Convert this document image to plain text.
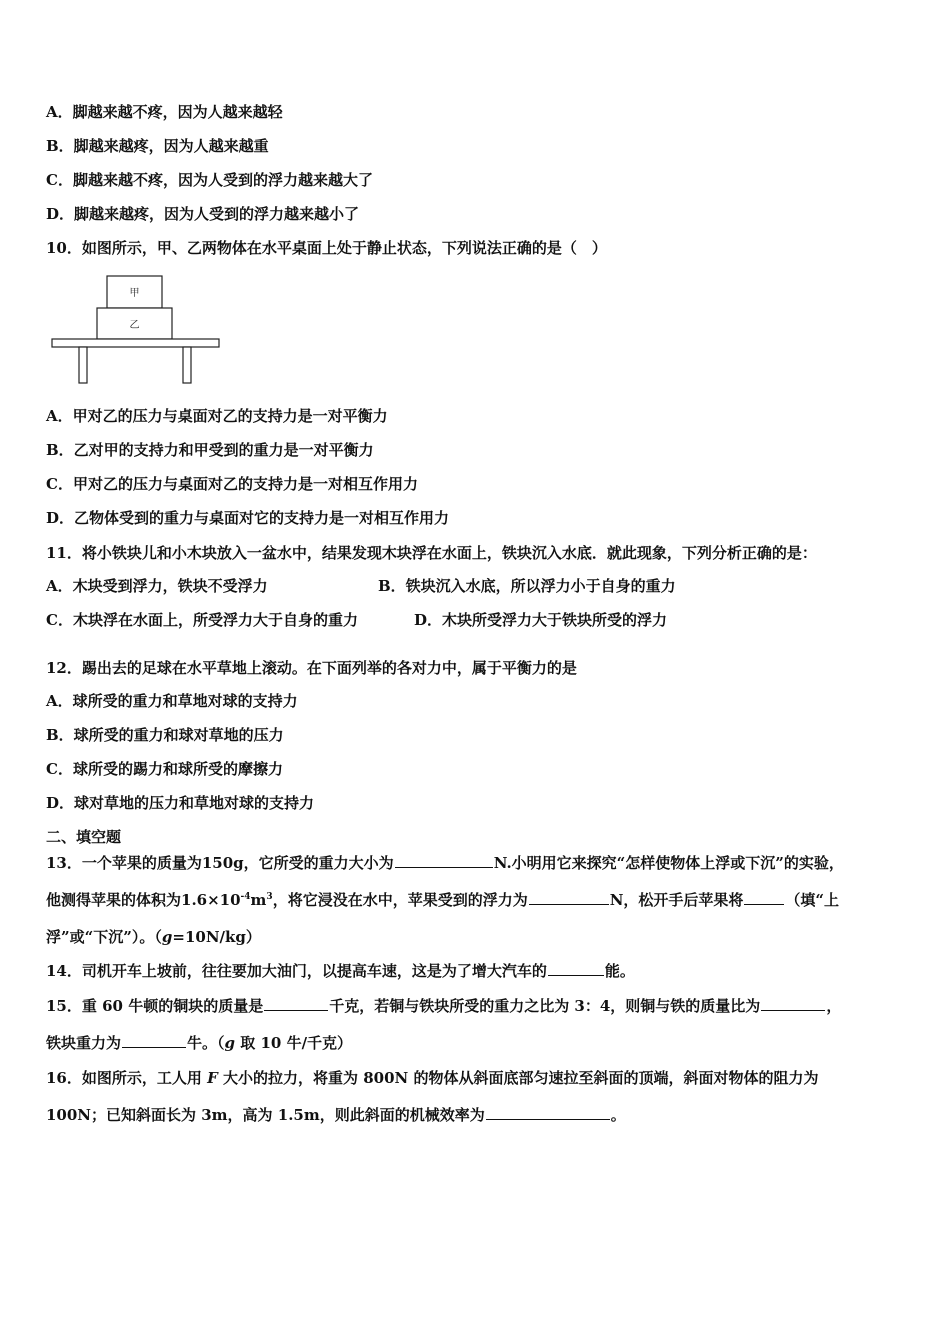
A．脚越来越不疼，因为人越来越轻
B．脚越来越疼，因为人越来越重
C．脚越来越不疼，因为人受到的浮力越来越大了
D．脚越来越疼，因为人受到的浮力越来越小了
10．如图所示，甲、乙两物体在水平桌面上处于静止状态，下列说法正确的是（　）
甲
乙
A．甲对乙的压力与桌面对乙的支持力是一对平衡力
B．乙对甲的支持力和甲受到的重力是一对平衡力
C．甲对乙的压力与桌面对乙的支持力是一对相互作用力
D．乙物体受到的重力与桌面对它的支持力是一对相互作用力
11．将小铁块儿和小木块放入一盆水中，结果发现木块浮在水面上，铁块沉入水底．就此现象，下列分析正确的是：
A．木块受到浮力，铁块不受浮力	B．铁块沉入水底，所以浮力小于自身的重力
C．木块浮在水面上，所受浮力大于自身的重力	D．木块所受浮力大于铁块所受的浮力
12．踢出去的足球在水平草地上滚动。在下面列举的各对力中，属于平衡力的是
A．球所受的重力和草地对球的支持力
B．球所受的重力和球对草地的压力
C．球所受的踢力和球所受的摩擦力
D．球对草地的压力和草地对球的支持力
二、填空题
13．一个苹果的质量为150g，它所受的重力大小为	N.小明用它来探究“怎样使物体上浮或下沉”的实验，
他测得苹果的体积为$1.6\times 10^{-4}m^3$，将它浸没在水中，苹果受到的浮力为	N，松开手后苹果将	（填“上
浮”或“下沉”）。（g=10N/kg）
14．司机开车上坡前，往往要加大油门，以提高车速，这是为了增大汽车的	能。
15．重 60 牛顿的铜块的质量是	千克，若铜与铁块所受的重力之比为 3：4，则铜与铁的质量比为	，
铁块重力为	牛。（g 取 10 牛/千克）
16．如图所示，工人用 F 大小的拉力，将重为 800N 的物体从斜面底部匀速拉至斜面的顶端，斜面对物体的阻力为
100N；已知斜面长为 3m，高为 1.5m，则此斜面的机械效率为	。
